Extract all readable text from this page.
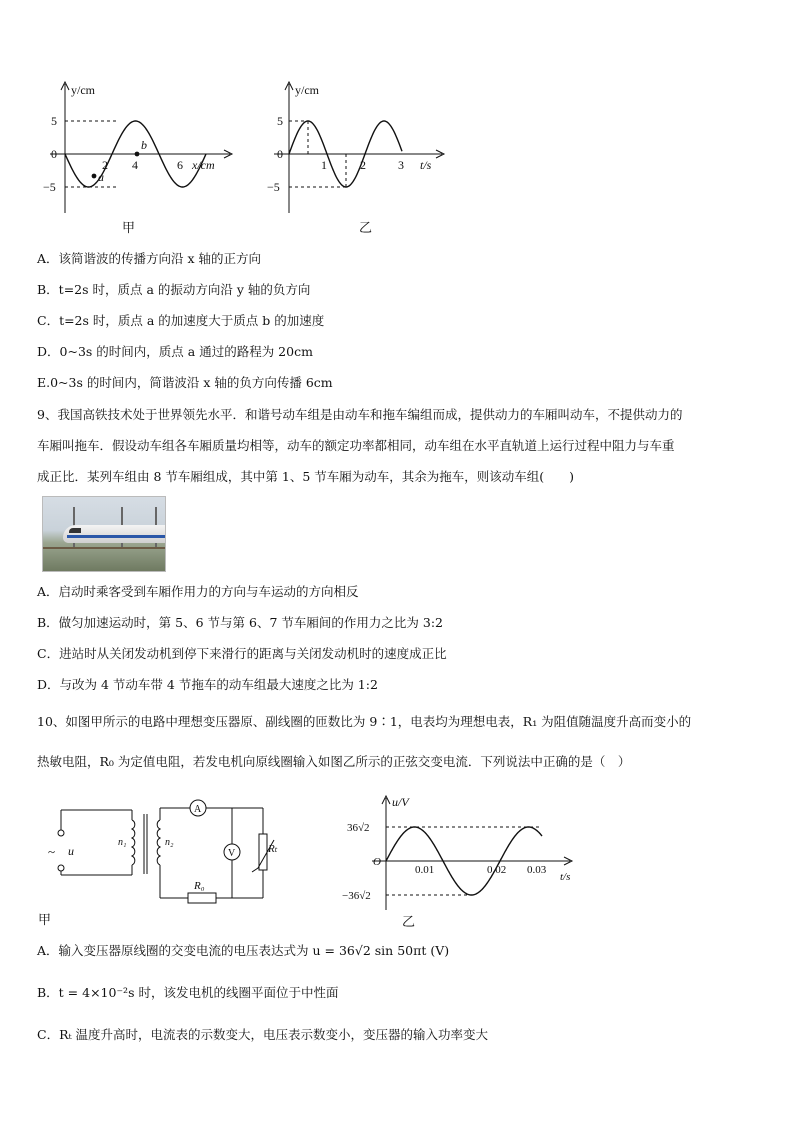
y/cm
5
0
−5
2 4	6 x/cm
a
b
甲
y/cm
5
0
−5
1	2	3 t/s
乙
A．该简谐波的传播方向沿 x 轴的正方向
B．t=2s 时，质点 a 的振动方向沿 y 轴的负方向
C．t=2s 时，质点 a 的加速度大于质点 b 的加速度
D．0~3s 的时间内，质点 a 通过的路程为 20cm
E.0~3s 的时间内，简谐波沿 x 轴的负方向传播 6cm
9、我国高铁技术处于世界领先水平．和谐号动车组是由动车和拖车编组而成，提供动力的车厢叫动车，不提供动力的
车厢叫拖车．假设动车组各车厢质量均相等，动车的额定功率都相同，动车组在水平直轨道上运行过程中阻力与车重
成正比．某列车组由 8 节车厢组成，其中第 1、5 节车厢为动车，其余为拖车，则该动车组(　　)
A．启动时乘客受到车厢作用力的方向与车运动的方向相反
B．做匀加速运动时，第 5、6 节与第 6、7 节车厢间的作用力之比为 3:2
C．进站时从关闭发动机到停下来滑行的距离与关闭发动机时的速度成正比
D．与改为 4 节动车带 4 节拖车的动车组最大速度之比为 1:2
10、如图甲所示的电路中理想变压器原、副线圈的匝数比为 9∶1，电表均为理想电表，R₁ 为阻值随温度升高而变小的
热敏电阻，R₀ 为定值电阻，若发电机向原线圈输入如图乙所示的正弦交变电流．下列说法中正确的是（　）
~ u
n₁	n₂
A
V	Rₜ
R₀
甲
u/V
36√2
O
−36√2
0.01	0.02 0.03
t/s
乙
A．输入变压器原线圈的交变电流的电压表达式为 u = 36√2 sin 50πt (V)
B．t = 4×10⁻²s 时，该发电机的线圈平面位于中性面
C．Rₜ 温度升高时，电流表的示数变大，电压表示数变小，变压器的输入功率变大
